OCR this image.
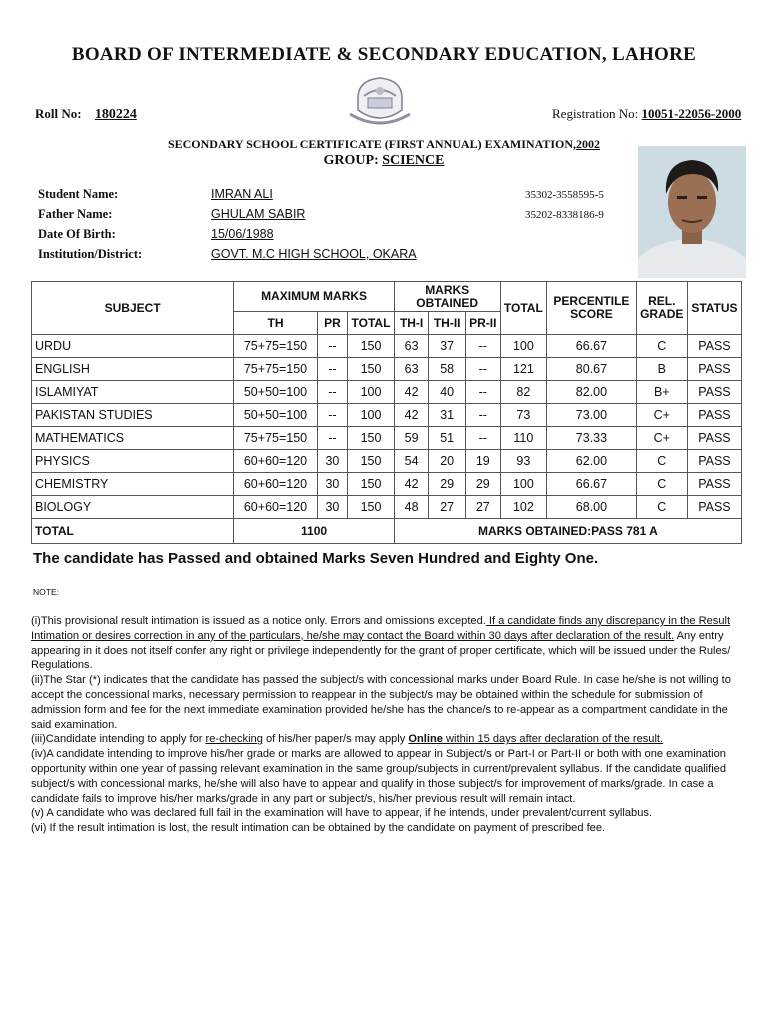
BOARD OF INTERMEDIATE & SECONDARY EDUCATION, LAHORE
Roll No: 180224	Registration No: 10051-22056-2000
SECONDARY SCHOOL CERTIFICATE (FIRST ANNUAL) EXAMINATION,2002
GROUP: SCIENCE
Student Name:	IMRAN ALI	35302-3558595-5
Father Name:	GHULAM SABIR	35202-8338186-9
Date Of Birth:	15/06/1988
Institution/District:	GOVT. M.C HIGH SCHOOL, OKARA
SUBJECT	MAXIMUM MARKS			MARKS OBTAINED			TOTAL	PERCENTILE SCORE	REL. GRADE	STATUS
	TH	PR	TOTAL	TH-I	TH-II	PR-II				
URDU	75+75=150	--	150	63	37	--	100	66.67	C	PASS
ENGLISH	75+75=150	--	150	63	58	--	121	80.67	B	PASS
ISLAMIYAT	50+50=100	--	100	42	40	--	82	82.00	B+	PASS
PAKISTAN STUDIES	50+50=100	--	100	42	31	--	73	73.00	C+	PASS
MATHEMATICS	75+75=150	--	150	59	51	--	110	73.33	C+	PASS
PHYSICS	60+60=120	30	150	54	20	19	93	62.00	C	PASS
CHEMISTRY	60+60=120	30	150	42	29	29	100	66.67	C	PASS
BIOLOGY	60+60=120	30	150	48	27	27	102	68.00	C	PASS
TOTAL	1100			MARKS OBTAINED:PASS 781 A						
The candidate has Passed and obtained Marks Seven Hundred and Eighty One.
NOTE:

(i)This provisional result intimation is issued as a notice only. Errors and omissions excepted. If a candidate finds any discrepancy in the Result Intimation or desires correction in any of the particulars, he/she may contact the Board within 30 days after declaration of the result. Any entry appearing in it does not itself confer any right or privilege independently for the grant of proper certificate, which will be issued under the Rules/ Regulations.

(ii)The Star (*) indicates that the candidate has passed the subject/s with concessional marks under Board Rule. In case he/she is not willing to accept the concessional marks, necessary permission to reappear in the subject/s may be obtained within the schedule for submission of admission form and fee for the next immediate examination provided he/she has the chance/s to re-appear as a compartment candidate in the said examination.

(iii)Candidate intending to apply for re-checking of his/her paper/s may apply Online within 15 days after declaration of the result.

(iv)A candidate intending to improve his/her grade or marks are allowed to appear in Subject/s or Part-I or Part-II or both with one examination opportunity within one year of passing relevant examination in the same group/subjects in current/prevalent syllabus. If the candidate qualified subject/s with concessional marks, he/she will also have to appear and qualify in those subject/s for improvement of marks/grade. In case a candidate fails to improve his/her marks/grade in any part or subject/s, his/her previous result will remain intact.

(v) A candidate who was declared full fail in the examination will have to appear, if he intends, under prevalent/current syllabus.

(vi) If the result intimation is lost, the result intimation can be obtained by the candidate on payment of prescribed fee.
